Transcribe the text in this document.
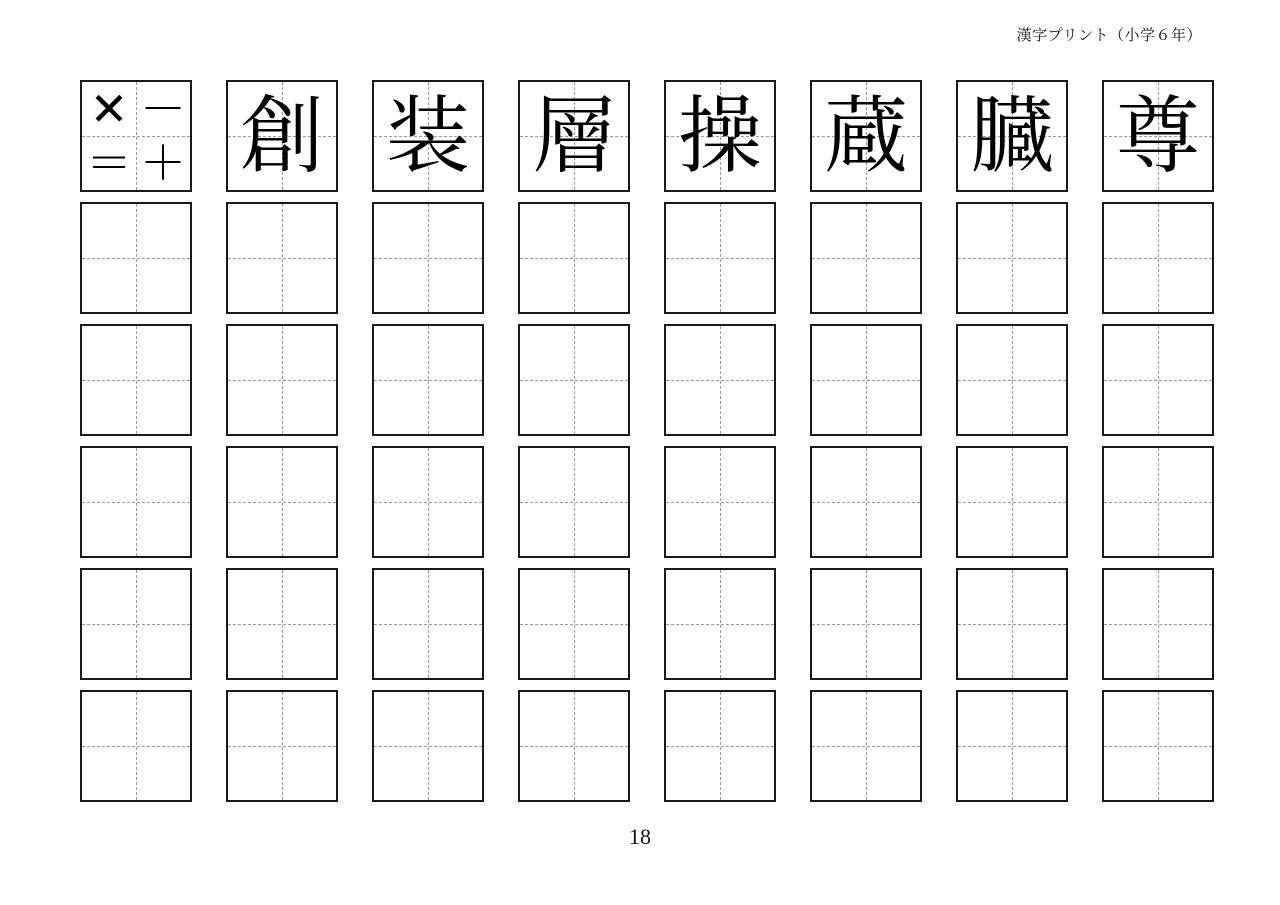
漢字プリント（小学６年）
✕ －
＝ ＋ 創 装 層 操 蔵 臓 尊
18
